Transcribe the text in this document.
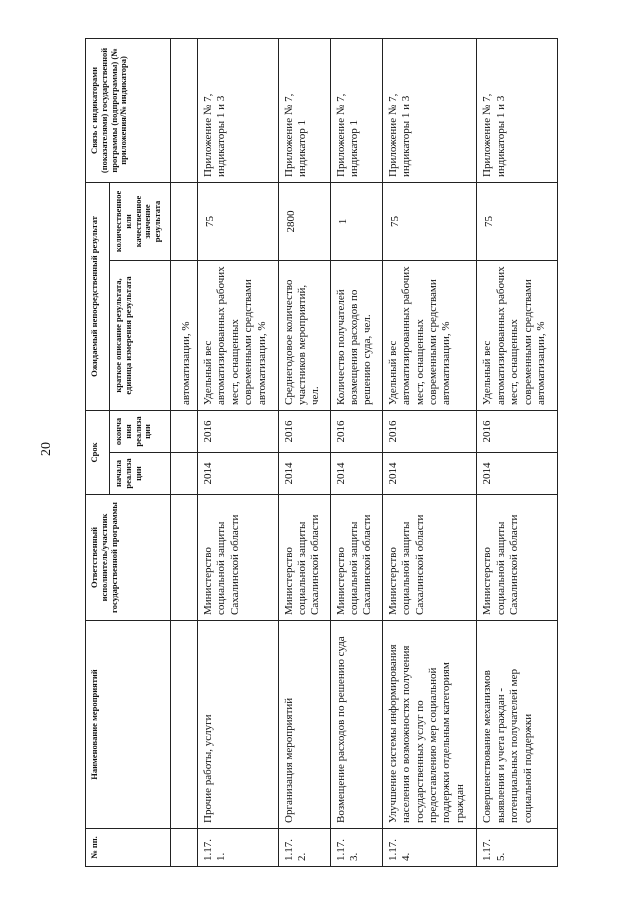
20
№ пп.	Наименование мероприятий	Ответственный исполнитель/участник государственной программы	Срок		Ожидаемый непосредственный результат		Связь с индикаторами (показателями) государственной программы (подпрограммы) (№ приложения/№ индикатора)
			начала реализации	окончания реализации	краткое описание результата, единица измерения результата	количественное или качественное значение результата	
					автоматизации, %		
1.17.1.	Прочие работы, услуги	Министерство социальной защиты Сахалинской области	2014	2016	Удельный вес автоматизированных рабочих мест, оснащенных современными средствами автоматизации, %	75	Приложение № 7, индикаторы 1 и 3
1.17.2.	Организация мероприятий	Министерство социальной защиты Сахалинской области	2014	2016	Среднегодовое количество участников мероприятий, чел.	2800	Приложение № 7, индикатор 1
1.17.3.	Возмещение расходов по решению суда	Министерство социальной защиты Сахалинской области	2014	2016	Количество получателей возмещения расходов по решению суда, чел.	1	Приложение № 7, индикатор 1
1.17.4.	Улучшение системы информирования населения о возможностях получения государственных услуг по предоставлению мер социальной поддержки отдельным категориям граждан	Министерство социальной защиты Сахалинской области	2014	2016	Удельный вес автоматизированных рабочих мест, оснащенных современными средствами автоматизации, %	75	Приложение № 7, индикаторы 1 и 3
1.17.5.	Совершенствование механизмов выявления и учета граждан - потенциальных получателей мер социальной поддержки	Министерство социальной защиты Сахалинской области	2014	2016	Удельный вес автоматизированных рабочих мест, оснащенных современными средствами автоматизации, %	75	Приложение № 7, индикаторы 1 и 3
